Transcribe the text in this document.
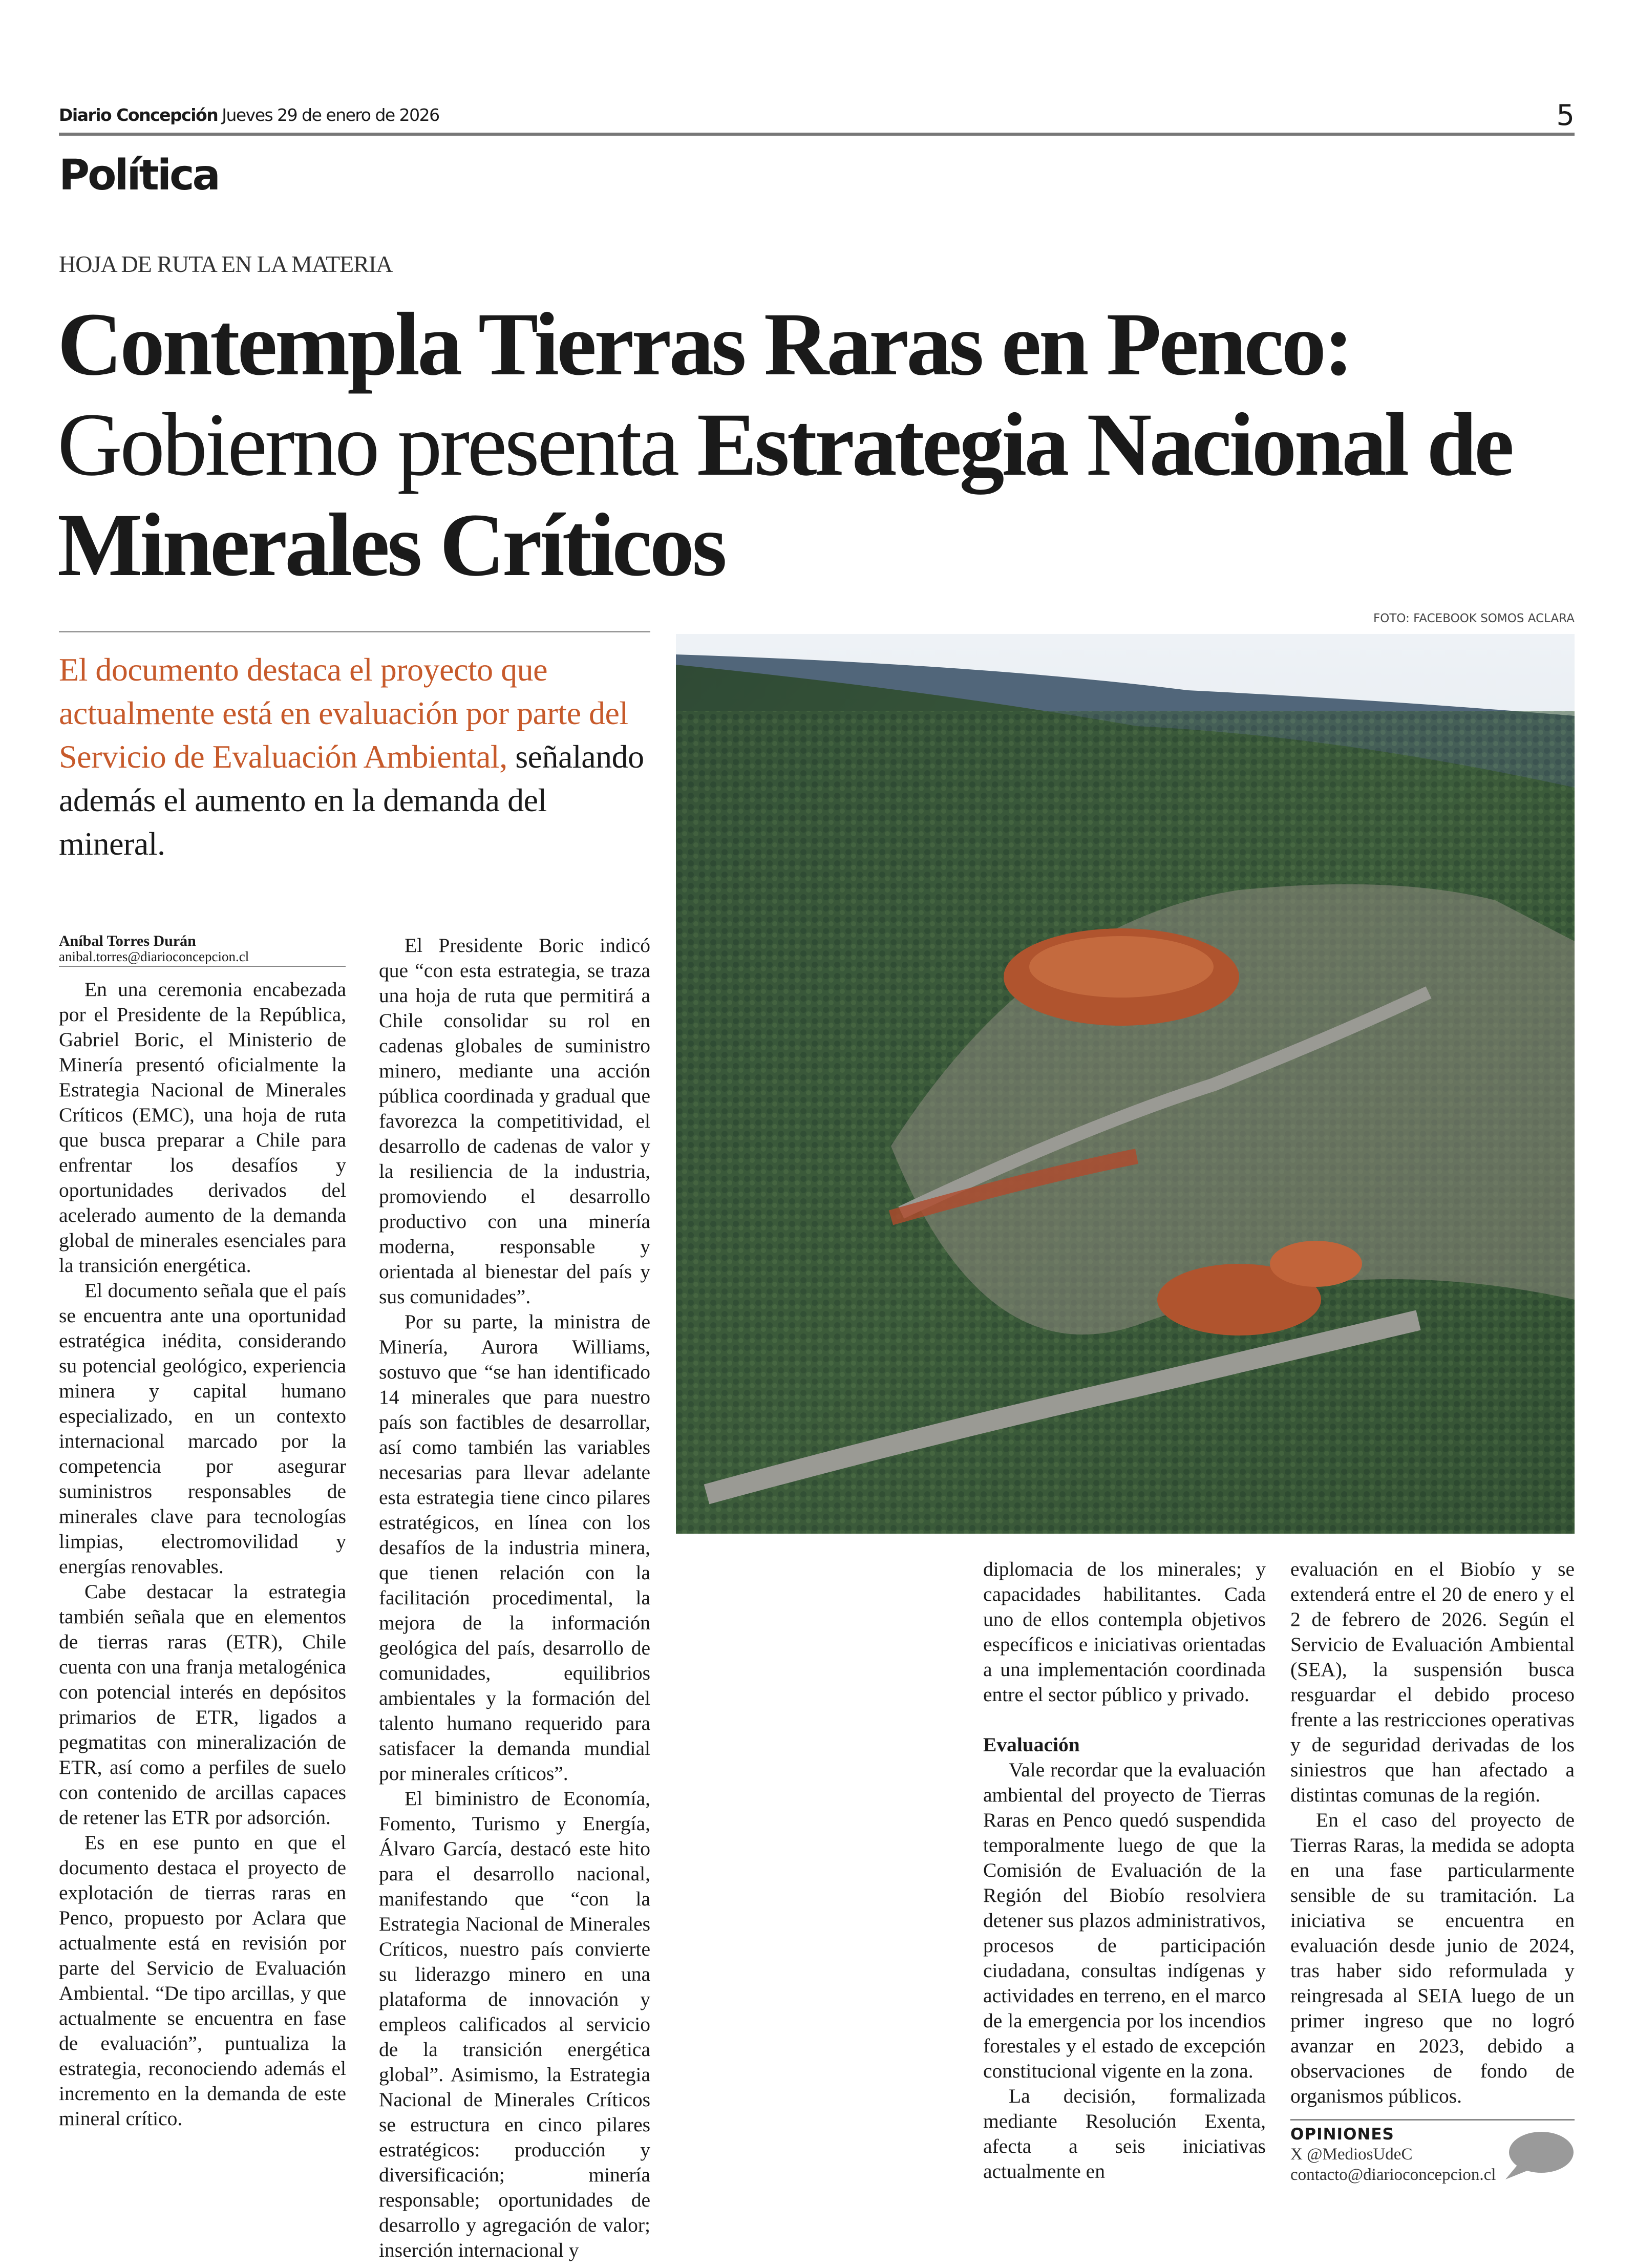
Diario Concepción Jueves 29 de enero de 2026	5
Política
HOJA DE RUTA EN LA MATERIA
Contempla Tierras Raras en Penco: Gobierno presenta Estrategia Nacional de Minerales Críticos
El documento destaca el proyecto que actualmente está en evaluación por parte del Servicio de Evaluación Ambiental, señalando además el aumento en la demanda del mineral.
FOTO: FACEBOOK SOMOS ACLARA
Aníbal Torres Durán
anibal.torres@diarioconcepcion.cl

En una ceremonia encabezada por el Presidente de la República, Gabriel Boric, el Ministerio de Minería presentó oficialmente la Estrategia Nacional de Minerales Críticos (EMC), una hoja de ruta que busca preparar a Chile para enfrentar los desafíos y oportunidades derivados del acelerado aumento de la demanda global de minerales esenciales para la transición energética.

El documento señala que el país se encuentra ante una oportunidad estratégica inédita, considerando su potencial geológico, experiencia minera y capital humano especializado, en un contexto internacional marcado por la competencia por asegurar suministros responsables de minerales clave para tecnologías limpias, electromovilidad y energías renovables.

Cabe destacar la estrategia también señala que en elementos de tierras raras (ETR), Chile cuenta con una franja metalogénica con potencial interés en depósitos primarios de ETR, ligados a pegmatitas con mineralización de ETR, así como a perfiles de suelo con contenido de arcillas capaces de retener las ETR por adsorción.

Es en ese punto en que el documento destaca el proyecto de explotación de tierras raras en Penco, propuesto por Aclara que actualmente está en revisión por parte del Servicio de Evaluación Ambiental. “De tipo arcillas, y que actualmente se encuentra en fase de evaluación”, puntualiza la estrategia, reconociendo además el incremento en la demanda de este mineral crítico.

El Presidente Boric indicó que “con esta estrategia, se traza una hoja de ruta que permitirá a Chile consolidar su rol en cadenas globales de suministro minero, mediante una acción pública coordinada y gradual que favorezca la competitividad, el desarrollo de cadenas de valor y la resiliencia de la industria, promoviendo el desarrollo productivo con una minería moderna, responsable y orientada al bienestar del país y sus comunidades”.

Por su parte, la ministra de Minería, Aurora Williams, sostuvo que “se han identificado 14 minerales que para nuestro país son factibles de desarrollar, así como también las variables necesarias para llevar adelante esta estrategia tiene cinco pilares estratégicos, en línea con los desafíos de la industria minera, que tienen relación con la facilitación procedimental, la mejora de la información geológica del país, desarrollo de comunidades, equilibrios ambientales y la formación del talento humano requerido para satisfacer la demanda mundial por minerales críticos”.

El biministro de Economía, Fomento, Turismo y Energía, Álvaro García, destacó este hito para el desarrollo nacional, manifestando que “con la Estrategia Nacional de Minerales Críticos, nuestro país convierte su liderazgo minero en una plataforma de innovación y empleos calificados al servicio de la transición energética global”. Asimismo, la Estrategia Nacional de Minerales Críticos se estructura en cinco pilares estratégicos: producción y diversificación; minería responsable; oportunidades de desarrollo y agregación de valor; inserción internacional y

diplomacia de los minerales; y capacidades habilitantes. Cada uno de ellos contempla objetivos específicos e iniciativas orientadas a una implementación coordinada entre el sector público y privado.

Evaluación

Vale recordar que la evaluación ambiental del proyecto de Tierras Raras en Penco quedó suspendida temporalmente luego de que la Comisión de Evaluación de la Región del Biobío resolviera detener sus plazos administrativos, procesos de participación ciudadana, consultas indígenas y actividades en terreno, en el marco de la emergencia por los incendios forestales y el estado de excepción constitucional vigente en la zona.

La decisión, formalizada mediante Resolución Exenta, afecta a seis iniciativas actualmente en

evaluación en el Biobío y se extenderá entre el 20 de enero y el 2 de febrero de 2026. Según el Servicio de Evaluación Ambiental (SEA), la suspensión busca resguardar el debido proceso frente a las restricciones operativas y de seguridad derivadas de los siniestros que han afectado a distintas comunas de la región.

En el caso del proyecto de Tierras Raras, la medida se adopta en una fase particularmente sensible de su tramitación. La iniciativa se encuentra en evaluación desde junio de 2024, tras haber sido reformulada y reingresada al SEIA luego de un primer ingreso que no logró avanzar en 2023, debido a observaciones de fondo de organismos públicos.

OPINIONES
X @MediosUdeC
contacto@diarioconcepcion.cl
